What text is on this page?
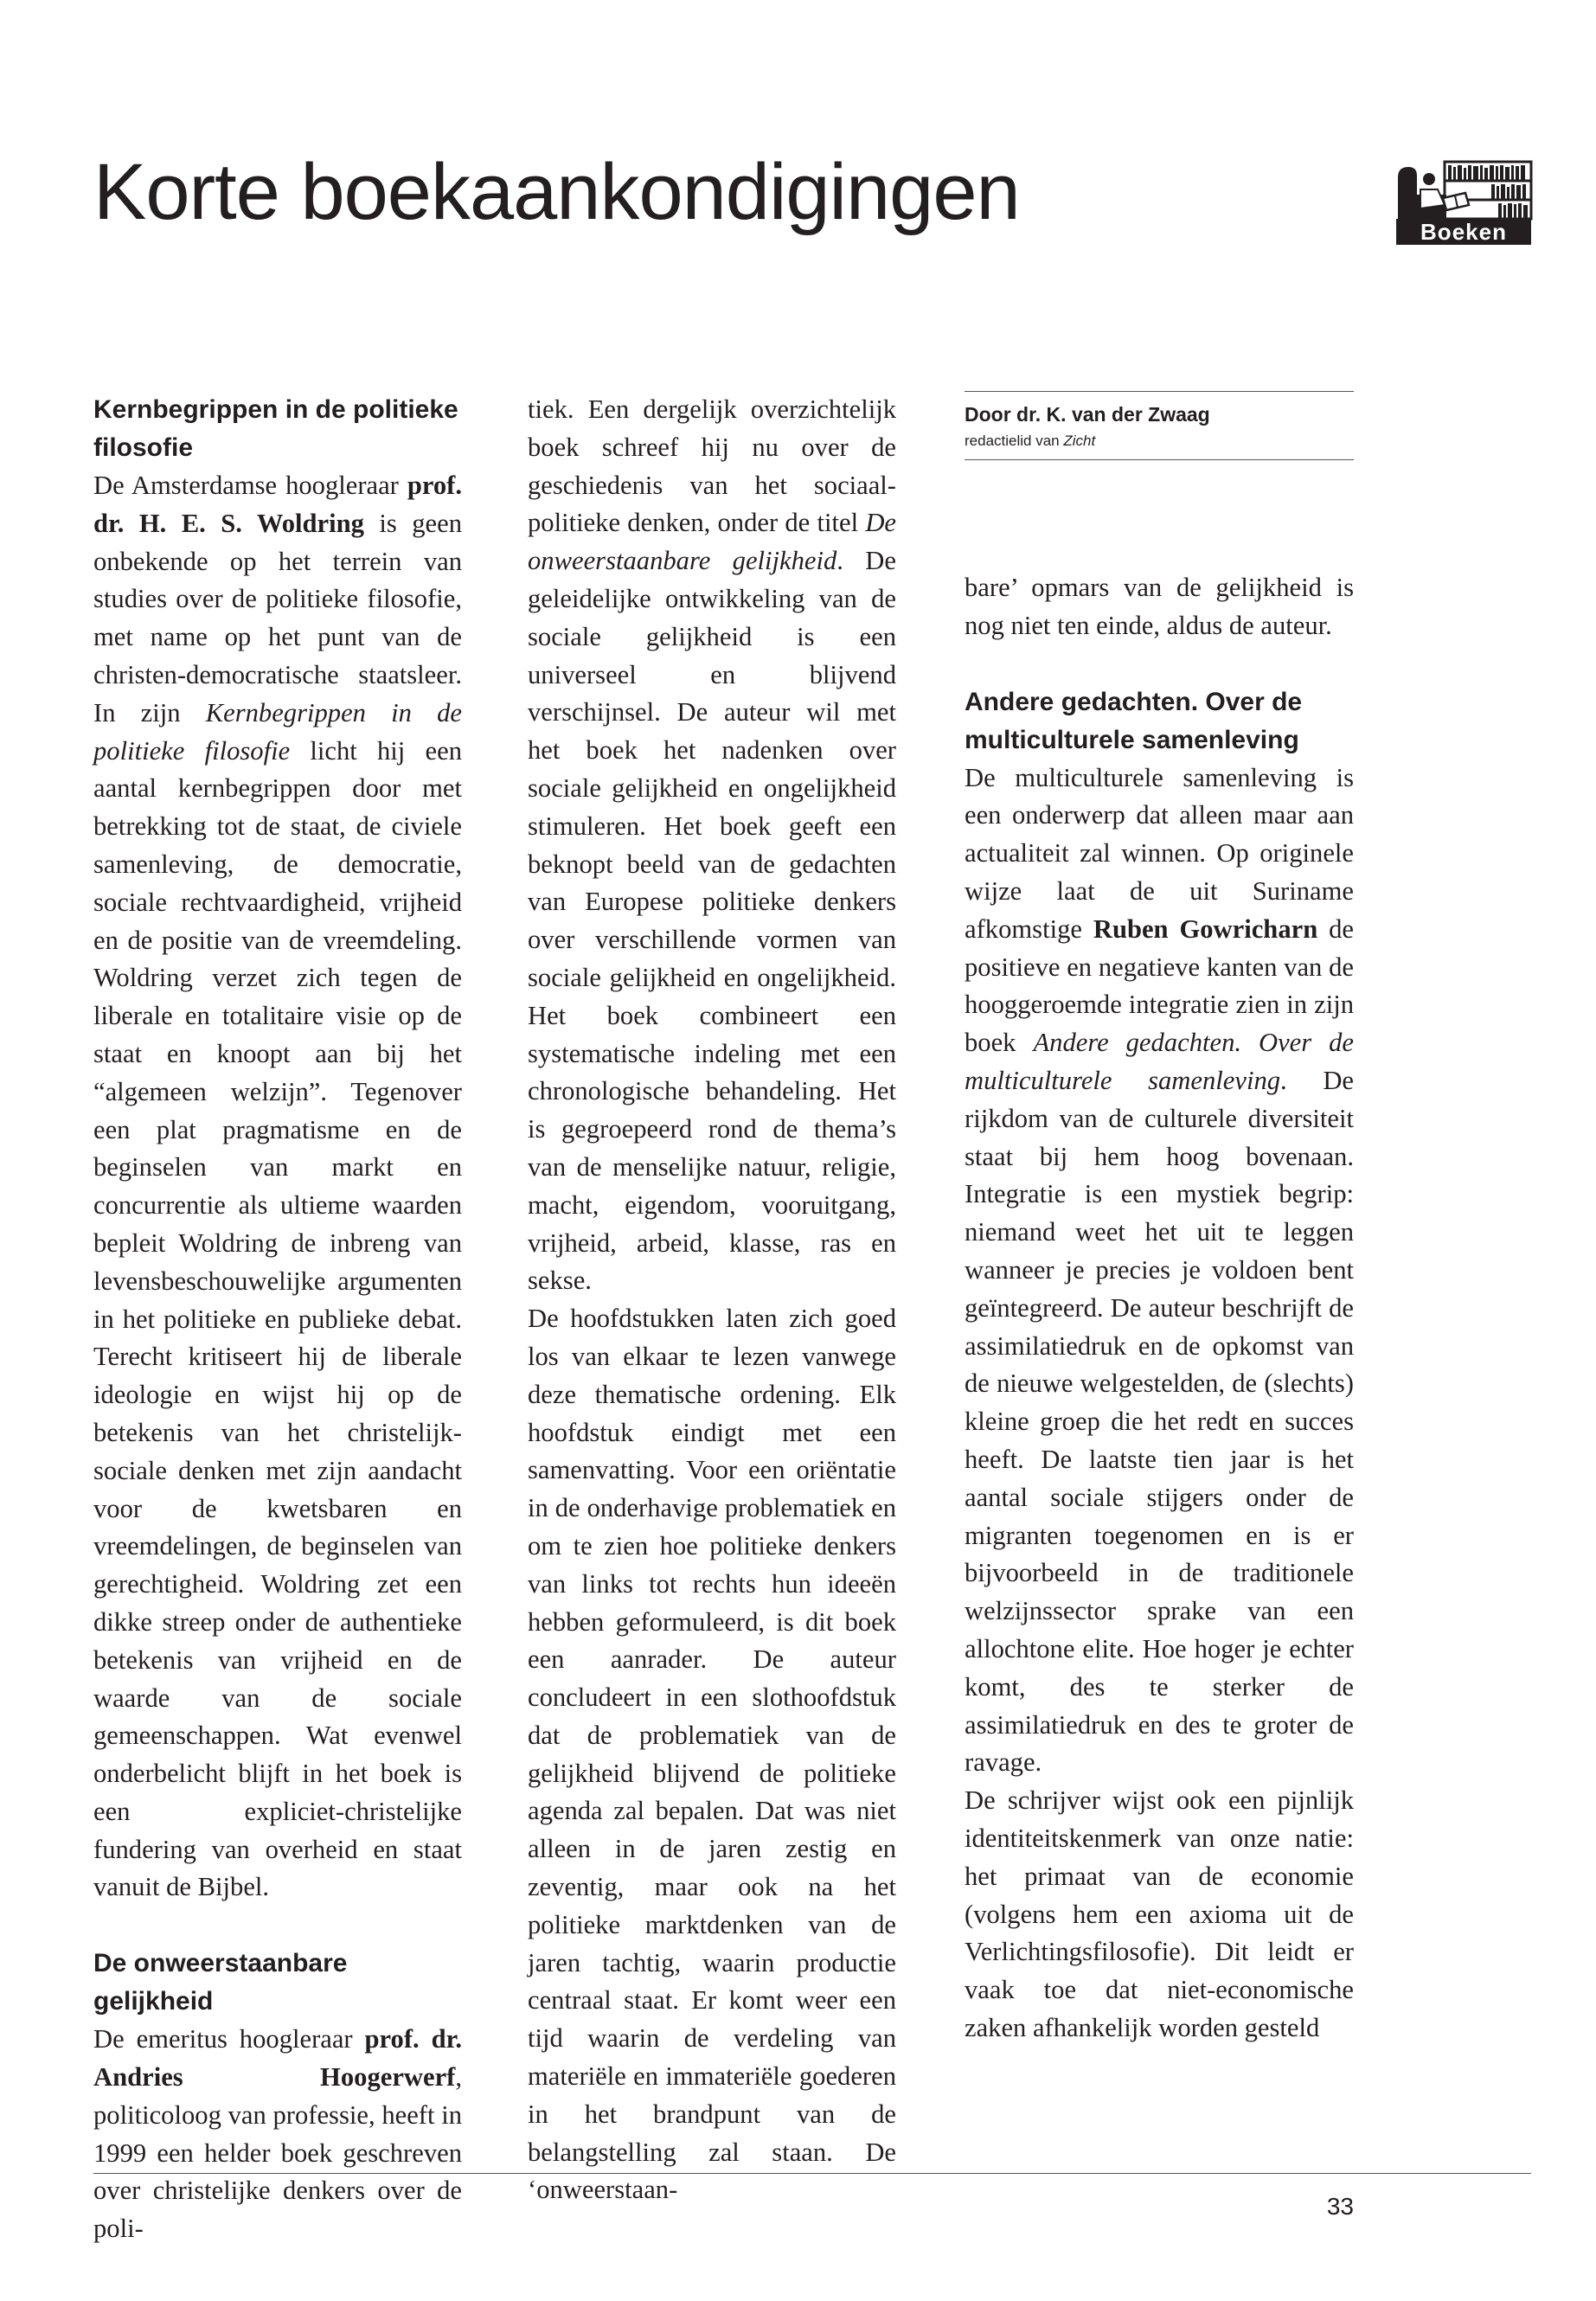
Korte boekaankondigingen	Boeken
Kernbegrippen in de politieke filosofie

De Amsterdamse hoogleraar prof. dr. H. E. S. Woldring is geen onbekende op het terrein van studies over de politieke filosofie, met name op het punt van de christen-democratische staatsleer. In zijn Kernbegrippen in de politieke filosofie licht hij een aantal kernbegrippen door met betrekking tot de staat, de civiele samenleving, de democratie, sociale rechtvaardigheid, vrijheid en de positie van de vreemdeling. Woldring verzet zich tegen de liberale en totalitaire visie op de staat en knoopt aan bij het “algemeen welzijn”. Tegenover een plat pragmatisme en de beginselen van markt en concurrentie als ultieme waarden bepleit Woldring de inbreng van levensbeschouwelijke argumenten in het politieke en publieke debat. Terecht kritiseert hij de liberale ideologie en wijst hij op de betekenis van het christelijk-sociale denken met zijn aandacht voor de kwetsbaren en vreemdelingen, de beginselen van gerechtigheid. Woldring zet een dikke streep onder de authentieke betekenis van vrijheid en de waarde van de sociale gemeenschappen. Wat evenwel onderbelicht blijft in het boek is een expliciet-christelijke fundering van overheid en staat vanuit de Bijbel.

De onweerstaanbare gelijkheid

De emeritus hoogleraar prof. dr. Andries Hoogerwerf, politicoloog van professie, heeft in 1999 een helder boek geschreven over christelijke denkers over de poli-

tiek. Een dergelijk overzichtelijk boek schreef hij nu over de geschiedenis van het sociaal-politieke denken, onder de titel De onweerstaanbare gelijkheid. De geleidelijke ontwikkeling van de sociale gelijkheid is een universeel en blijvend verschijnsel. De auteur wil met het boek het nadenken over sociale gelijkheid en ongelijkheid stimuleren. Het boek geeft een beknopt beeld van de gedachten van Europese politieke denkers over verschillende vormen van sociale gelijkheid en ongelijkheid. Het boek combineert een systematische indeling met een chronologische behandeling. Het is gegroepeerd rond de thema’s van de menselijke natuur, religie, macht, eigendom, vooruitgang, vrijheid, arbeid, klasse, ras en sekse.

De hoofdstukken laten zich goed los van elkaar te lezen vanwege deze thematische ordening. Elk hoofdstuk eindigt met een samenvatting. Voor een oriëntatie in de onderhavige problematiek en om te zien hoe politieke denkers van links tot rechts hun ideeën hebben geformuleerd, is dit boek een aanrader. De auteur concludeert in een slothoofdstuk dat de problematiek van de gelijkheid blijvend de politieke agenda zal bepalen. Dat was niet alleen in de jaren zestig en zeventig, maar ook na het politieke marktdenken van de jaren tachtig, waarin productie centraal staat. Er komt weer een tijd waarin de verdeling van materiële en immateriële goederen in het brandpunt van de belangstelling zal staan. De ‘onweerstaan-

Door dr. K. van der Zwaag
redactielid van Zicht

bare’ opmars van de gelijkheid is nog niet ten einde, aldus de auteur.

Andere gedachten. Over de multiculturele samenleving

De multiculturele samenleving is een onderwerp dat alleen maar aan actualiteit zal winnen. Op originele wijze laat de uit Suriname afkomstige Ruben Gowricharn de positieve en negatieve kanten van de hooggeroemde integratie zien in zijn boek Andere gedachten. Over de multiculturele samenleving. De rijkdom van de culturele diversiteit staat bij hem hoog bovenaan. Integratie is een mystiek begrip: niemand weet het uit te leggen wanneer je precies je voldoen bent geïntegreerd. De auteur beschrijft de assimilatiedruk en de opkomst van de nieuwe welgestelden, de (slechts) kleine groep die het redt en succes heeft. De laatste tien jaar is het aantal sociale stijgers onder de migranten toegenomen en is er bijvoorbeeld in de traditionele welzijnssector sprake van een allochtone elite. Hoe hoger je echter komt, des te sterker de assimilatiedruk en des te groter de ravage.

De schrijver wijst ook een pijnlijk identiteitskenmerk van onze natie: het primaat van de economie (volgens hem een axioma uit de Verlichtingsfilosofie). Dit leidt er vaak toe dat niet-economische zaken afhankelijk worden gesteld

33
